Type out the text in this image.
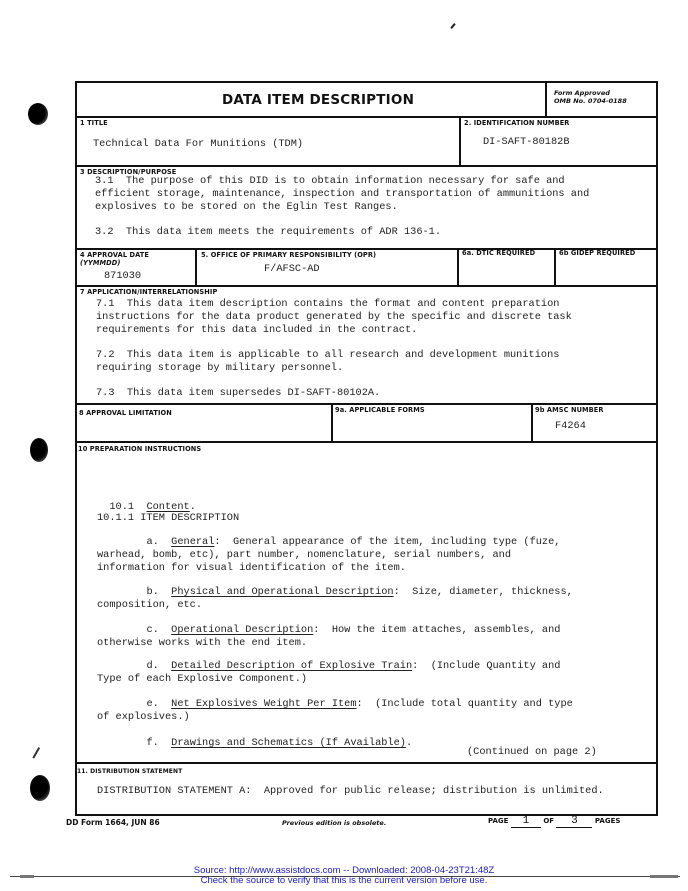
DATA ITEM DESCRIPTION	Form Approved
OMB No. 0704-0188
1 TITLE
Technical Data For Munitions (TDM)
2. IDENTIFICATION NUMBER
DI-SAFT-80182B
3 DESCRIPTION/PURPOSE
3.1  The purpose of this DID is to obtain information necessary for safe and
efficient storage, maintenance, inspection and transportation of ammunitions and
explosives to be stored on the Eglin Test Ranges.
3.2  This data item meets the requirements of ADR 136-1.
4 APPROVAL DATE
(YYMMDD)
871030
5. OFFICE OF PRIMARY RESPONSIBILITY (OPR)
F/AFSC-AD
6a. DTIC REQUIRED	6b GIDEP REQUIRED
7 APPLICATION/INTERRELATIONSHIP
7.1  This data item description contains the format and content preparation
instructions for the data product generated by the specific and discrete task
requirements for this data included in the contract.
7.2  This data item is applicable to all research and development munitions
requiring storage by military personnel.
7.3  This data item supersedes DI-SAFT-80102A.
8 APPROVAL LIMITATION	9a. APPLICABLE FORMS	9b AMSC NUMBER
F4264
10 PREPARATION INSTRUCTIONS

10.1 Content.
10.1.1 ITEM DESCRIPTION
a. General:  General appearance of the item, including type (fuze,
warhead, bomb, etc), part number, nomenclature, serial numbers, and
information for visual identification of the item.
b. Physical and Operational Description:  Size, diameter, thickness,
composition, etc.
c. Operational Description:  How the item attaches, assembles, and
otherwise works with the end item.
d. Detailed Description of Explosive Train:  (Include Quantity and
Type of each Explosive Component.)
e. Net Explosives Weight Per Item:  (Include total quantity and type
of explosives.)
f. Drawings and Schematics (If Available).
(Continued on page 2)
11. DISTRIBUTION STATEMENT
DISTRIBUTION STATEMENT A:  Approved for public release; distribution is unlimited.
DD Form 1664, JUN 86	Previous edition is obsolete.	PAGE 1 OF 3 PAGES
Source: http://www.assistdocs.com -- Downloaded: 2008-04-23T21:48Z
Check the source to verify that this is the current version before use.
